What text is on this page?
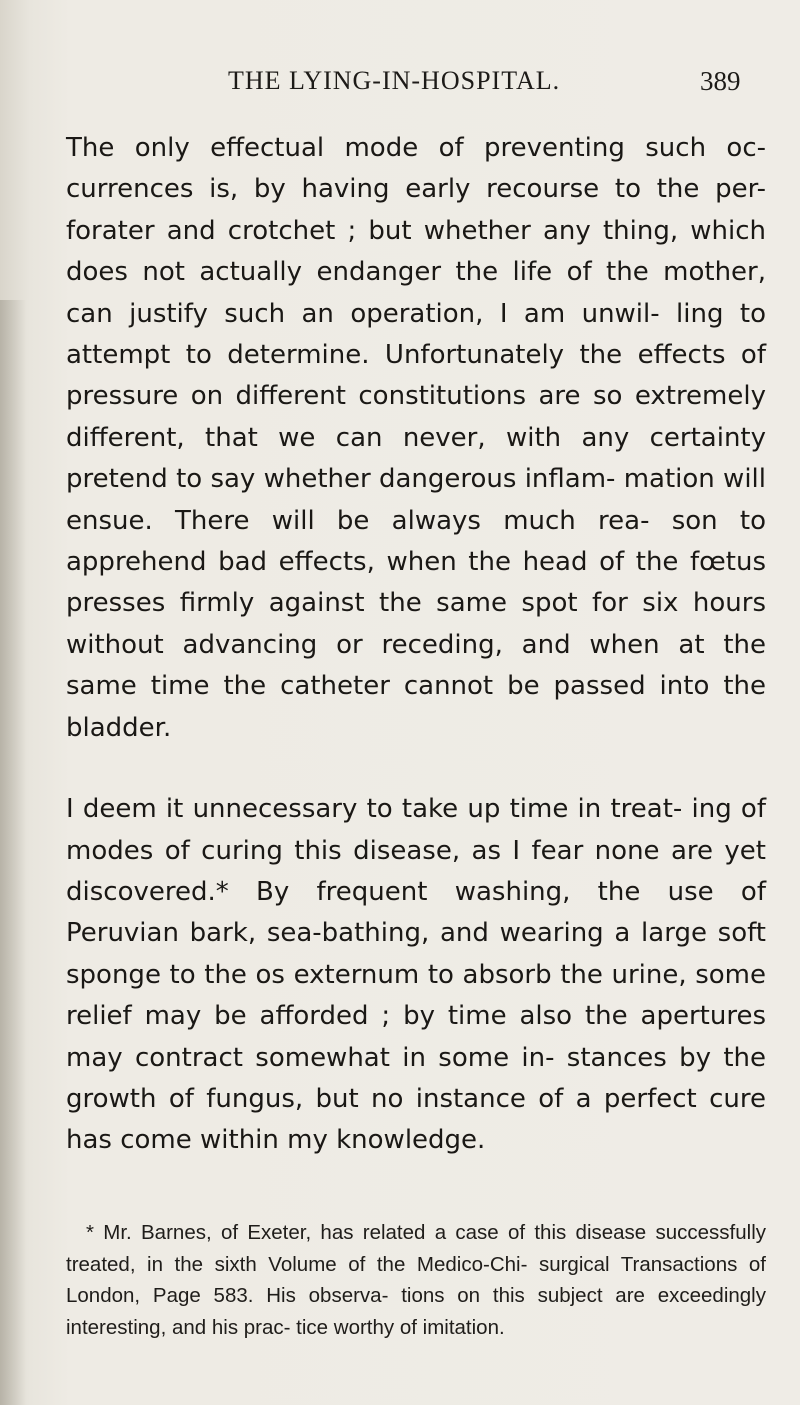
THE LYING-IN-HOSPITAL.	389

The only effectual mode of preventing such oc- currences is, by having early recourse to the per- forater and crotchet ; but whether any thing, which does not actually endanger the life of the mother, can justify such an operation, I am unwil- ling to attempt to determine. Unfortunately the effects of pressure on different constitutions are so extremely different, that we can never, with any certainty pretend to say whether dangerous inflam- mation will ensue. There will be always much rea- son to apprehend bad effects, when the head of the fœtus presses firmly against the same spot for six hours without advancing or receding, and when at the same time the catheter cannot be passed into the bladder.

I deem it unnecessary to take up time in treat- ing of modes of curing this disease, as I fear none are yet discovered.* By frequent washing, the use of Peruvian bark, sea-bathing, and wearing a large soft sponge to the os externum to absorb the urine, some relief may be afforded ; by time also the apertures may contract somewhat in some in- stances by the growth of fungus, but no instance of a perfect cure has come within my knowledge.

* Mr. Barnes, of Exeter, has related a case of this disease successfully treated, in the sixth Volume of the Medico-Chi- surgical Transactions of London, Page 583. His observa- tions on this subject are exceedingly interesting, and his prac- tice worthy of imitation.
